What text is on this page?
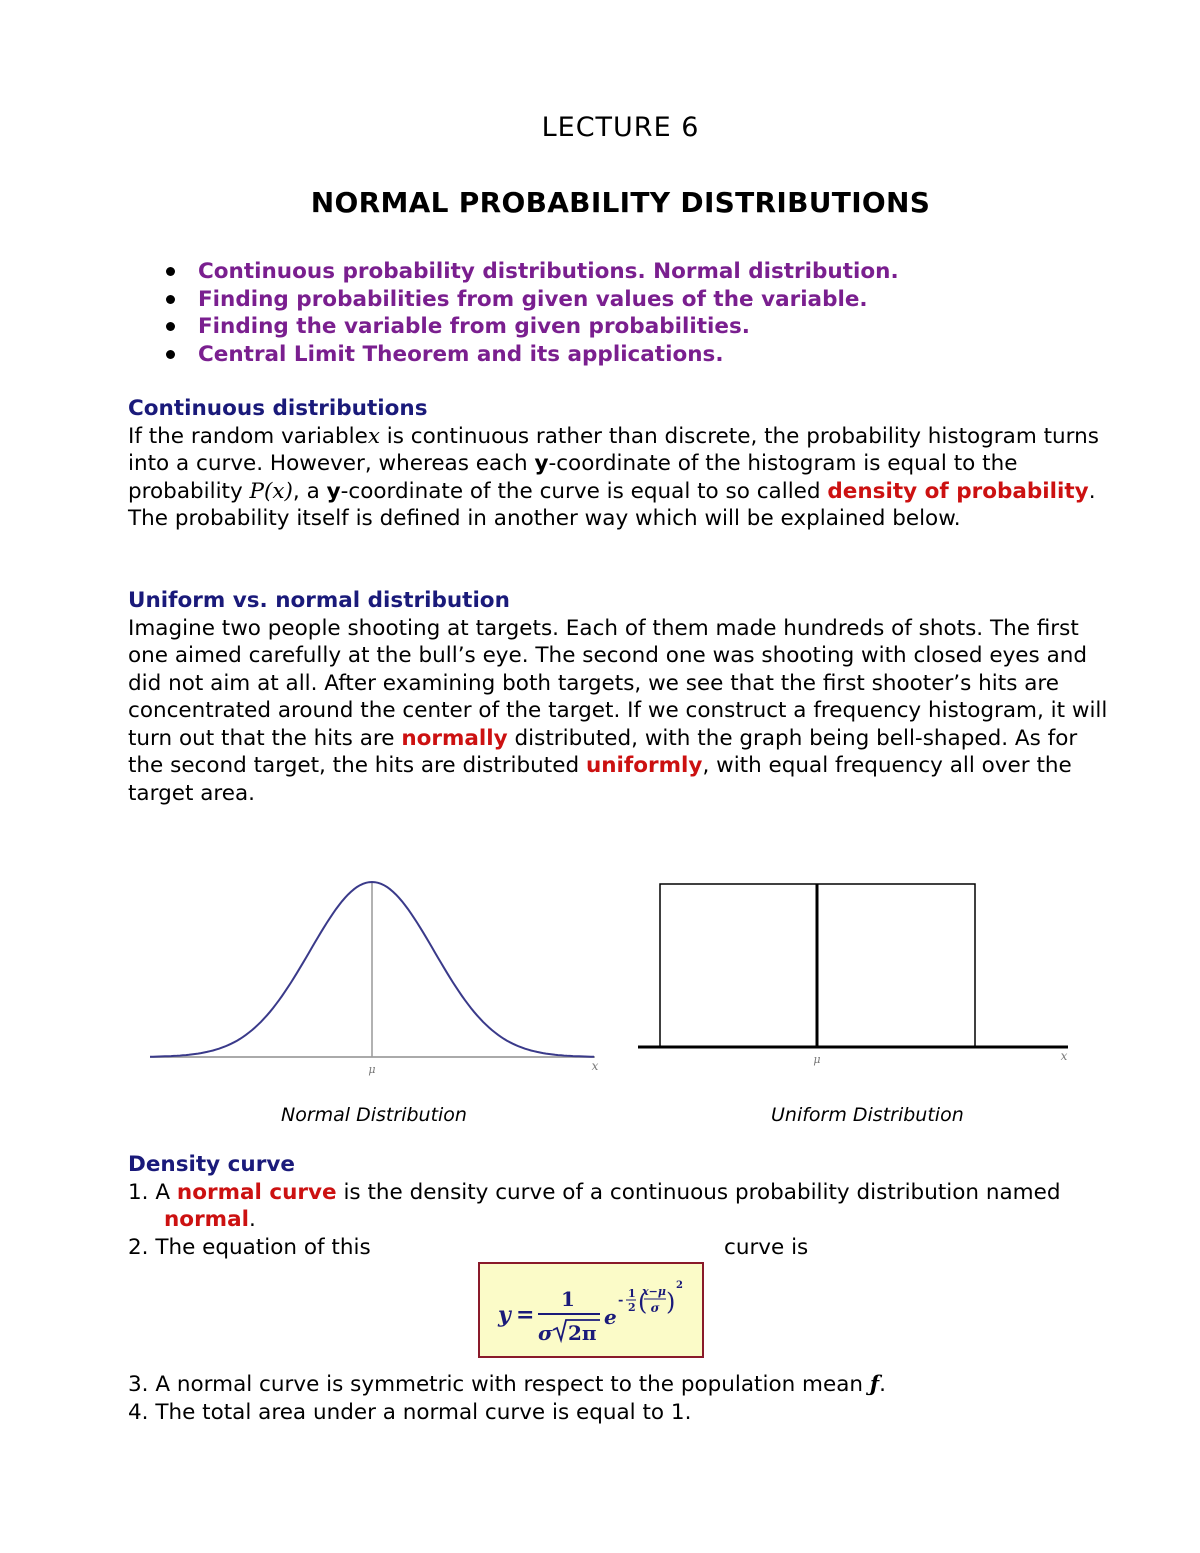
LECTURE 6
NORMAL PROBABILITY DISTRIBUTIONS
Continuous probability distributions. Normal distribution.
Finding probabilities from given values of the variable.
Finding the variable from given probabilities.
Central Limit Theorem and its applications.
Continuous distributions
If the random variablex is continuous rather than discrete, the probability histogram turns into a curve. However, whereas each y-coordinate of the histogram is equal to the probability P(x), a y-coordinate of the curve is equal to so called density of probability. The probability itself is defined in another way which will be explained below.
Uniform vs. normal distribution
Imagine two people shooting at targets. Each of them made hundreds of shots. The first one aimed carefully at the bull’s eye. The second one was shooting with closed eyes and did not aim at all. After examining both targets, we see that the first shooter’s hits are concentrated around the center of the target. If we construct a frequency histogram, it will turn out that the hits are normally distributed, with the graph being bell-shaped. As for the second target, the hits are distributed uniformly, with equal frequency all over the target area.
μ	x
Normal Distribution
μ	x
Uniform Distribution
Density curve
1. A normal curve is the density curve of a continuous probability distribution named
normal.
2. The equation of this	curve is
y =
1
σ 2π
e
- 1
2 (
x−μ
σ )
2
3. A normal curve is symmetric with respect to the population mean ƒ.
4. The total area under a normal curve is equal to 1.
